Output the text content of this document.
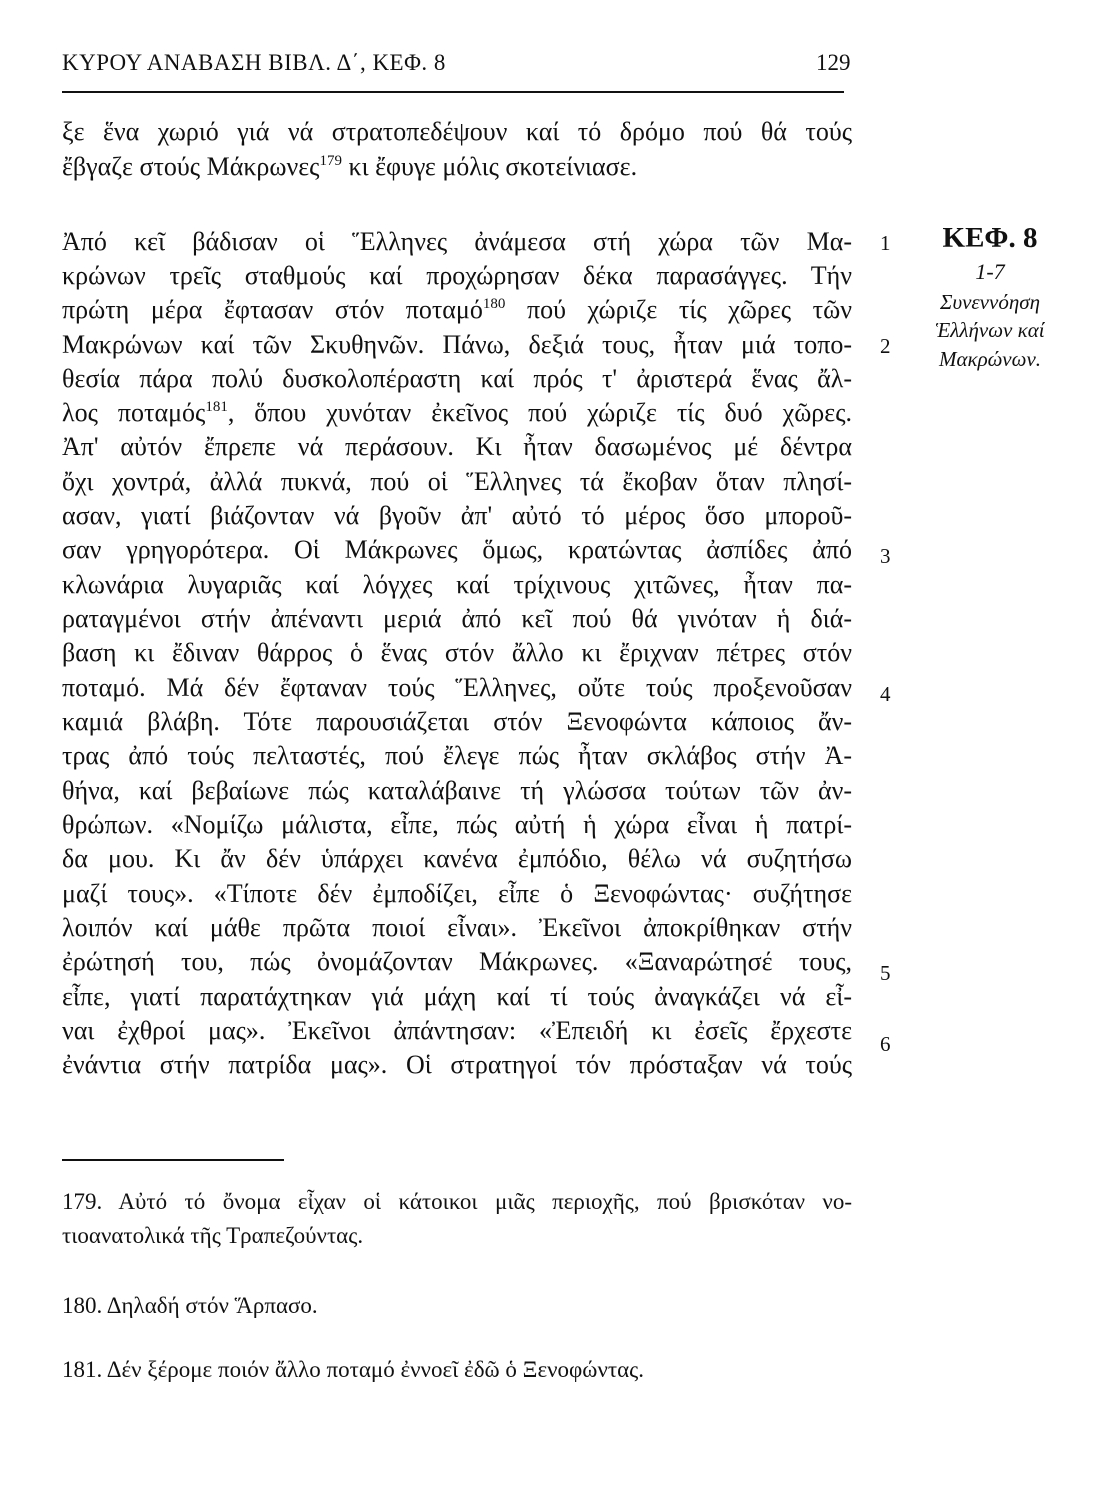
ΚΥΡΟΥ ΑΝΑΒΑΣΗ ΒΙΒΛ. Δ΄, ΚΕΦ. 8	129
ξε ἕνα χωριό γιά νά στρατοπεδέψουν καί τό δρόμο πού θά τούς
ἔβγαζε στούς Μάκρωνες$^{179}$ κι ἔφυγε μόλις σκοτείνιασε.
Ἀπό κεῖ βάδισαν οἱ Ἕλληνες ἀνάμεσα στή χώρα τῶν Μα-
κρώνων τρεῖς σταθμούς καί προχώρησαν δέκα παρασάγγες. Τήν
πρώτη μέρα ἔφτασαν στόν ποταμό$^{180}$ πού χώριζε τίς χῶρες τῶν
Μακρώνων καί τῶν Σκυθηνῶν. Πάνω, δεξιά τους, ἦταν μιά τοπο-
θεσία πάρα πολύ δυσκολοπέραστη καί πρός τ' ἀριστερά ἕνας ἄλ-
λος ποταμός$^{181}$, ὅπου χυνόταν ἐκεῖνος πού χώριζε τίς δυό χῶρες.
Ἀπ' αὐτόν ἔπρεπε νά περάσουν. Κι ἦταν δασωμένος μέ δέντρα
ὄχι χοντρά, ἀλλά πυκνά, πού οἱ Ἕλληνες τά ἔκοβαν ὅταν πλησί-
ασαν, γιατί βιάζονταν νά βγοῦν ἀπ' αὐτό τό μέρος ὅσο μποροῦ-
σαν γρηγορότερα. Οἱ Μάκρωνες ὅμως, κρατώντας ἀσπίδες ἀπό
κλωνάρια λυγαριᾶς καί λόγχες καί τρίχινους χιτῶνες, ἦταν πα-
ραταγμένοι στήν ἀπέναντι μεριά ἀπό κεῖ πού θά γινόταν ἡ διά-
βαση κι ἔδιναν θάρρος ὁ ἕνας στόν ἄλλο κι ἔριχναν πέτρες στόν
ποταμό. Μά δέν ἔφταναν τούς Ἕλληνες, οὔτε τούς προξενοῦσαν
καμιά βλάβη. Τότε παρουσιάζεται στόν Ξενοφώντα κάποιος ἄν-
τρας ἀπό τούς πελταστές, πού ἔλεγε πώς ἦταν σκλάβος στήν Ἀ-
θήνα, καί βεβαίωνε πώς καταλάβαινε τή γλώσσα τούτων τῶν ἀν-
θρώπων. «Νομίζω μάλιστα, εἶπε, πώς αὐτή ἡ χώρα εἶναι ἡ πατρί-
δα μου. Κι ἄν δέν ὑπάρχει κανένα ἐμπόδιο, θέλω νά συζητήσω
μαζί τους». «Τίποτε δέν ἐμποδίζει, εἶπε ὁ Ξενοφώντας· συζήτησε
λοιπόν καί μάθε πρῶτα ποιοί εἶναι». Ἐκεῖνοι ἀποκρίθηκαν στήν
ἐρώτησή του, πώς ὀνομάζονταν Μάκρωνες. «Ξαναρώτησέ τους,
εἶπε, γιατί παρατάχτηκαν γιά μάχη καί τί τούς ἀναγκάζει νά εἶ-
ναι ἐχθροί μας». Ἐκεῖνοι ἀπάντησαν: «Ἐπειδή κι ἐσεῖς ἔρχεστε
ἐνάντια στήν πατρίδα μας». Οἱ στρατηγοί τόν πρόσταξαν νά τούς
1
2
3
4
5
6
ΚΕΦ. 8
1-7
Συνεννόηση
Ἑλλήνων καί
Μακρώνων.
179. Αὐτό τό ὄνομα εἶχαν οἱ κάτοικοι μιᾶς περιοχῆς, πού βρισκόταν νο-
τιοανατολικά τῆς Τραπεζούντας.
180. Δηλαδή στόν Ἅρπασο.
181. Δέν ξέρομε ποιόν ἄλλο ποταμό ἐννοεῖ ἐδῶ ὁ Ξενοφώντας.
